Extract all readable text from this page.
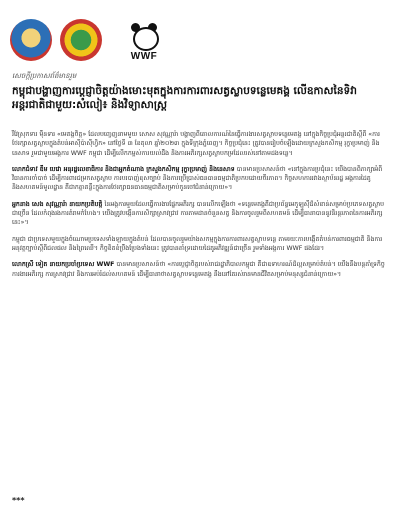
WWF
សេចក្តីប្រកាសព័ត៌មានរួម
កម្ពុជាបង្ហាញការប្តេជ្ញាចិត្តយ៉ាងមោះមុតក្នុងការការពារសត្វស្លាបទន្លេមេគង្គ លើឧកាសនៃទិវាអន្តរជាតិជាមួយ:សំលៀ៖ និងវិទ្យាសាស្ត្រ

រីវែស្រុកទារ ម៉ឺនទារ «មេគង្គចិត្ត» ដែលបញ្ចេញនាមមួយ សោស សុវណ្ណារ៉ា បង្ហាញពីគោលការណ៍នៃធ្វើការងារសត្វស្លាបទន្លេមេគង្គ នៅក្នុងកិច្ចប្រជុំអន្តរជាតិស្តីពី «ការថែរក្សាសត្វស្លាបក្នុងតំបន់អាស៊ីប៉ាស៊ីហ្វិក» នៅថ្ងៃទី ៣ ខែតុលា ឆ្នាំ២០២៣ ក្នុងទីក្រុងភ្នំពេញ។ កិច្ចប្រជុំនេះ ត្រូវបានរៀបចំឡើងដោយក្រសួងកសិកម្ម រុក្ខាប្រមាញ់ និងនេសាទ រួមជាមួយអង្គការ WWF កម្ពុជា ដើម្បីលើកកម្ពស់ការយល់ដឹង និងការអភិរក្សសត្វស្លាបកម្រដែលរស់នៅតាមដងទន្លេ។

លោកជំទាវ ឌឹម បេវោ អនុរដ្ឋលេខាធិការ និងជាអ្នកតំណាង ក្រសួងកសិកម្ម រុក្ខាប្រមាញ់ និងនេសាទ បានមានប្រសាសន៍ថា «នៅក្នុងការប្រជុំនេះ យើងបានពិភាក្សាអំពីវិធានការចាំបាច់ ដើម្បីការពារជម្រកសត្វស្លាប ការបរបាញ់ខុសច្បាប់ និងការប្រើប្រាស់ធនធានធម្មជាតិប្រកបដោយចីរភាព។ កិច្ចសហការរវាងស្ថាប័នរដ្ឋ អង្គការដៃគូ និងសហគមន៍មូលដ្ឋាន គឺជាកត្តាគន្លឹះក្នុងការថែរក្សាធនធានធម្មជាតិសម្រាប់កូនចៅជំនាន់ក្រោយ»។

អ្នកនាង សេង សុវណ្ណារ៉ា នាយកប្រតិបត្តិ នៃអង្គការមួយដែលធ្វើការងារផ្នែកអភិរក្ស បានលើកឡើងថា «ទន្លេមេគង្គគឺជាប្រព័ន្ធអេកូឡូស៊ីដ៏សំខាន់សម្រាប់ប្រភេទសត្វស្លាបជាច្រើន ដែលកំពុងរងការគំរាមកំហែង។ យើងត្រូវបង្កើនការសិក្សាស្រាវជ្រាវ ការតាមដានចំនួនសត្វ និងការចូលរួមពីសហគមន៍ ដើម្បីធានាបាននូវនិរន្តរភាពនៃការអភិរក្សនេះ»។

កម្ពុជា ជាប្រទេសមួយក្នុងចំណោមប្រទេសទាំងឡាយក្នុងតំបន់ ដែលបានចូលរួមយ៉ាងសកម្មក្នុងការការពារសត្វស្លាបទន្លេ តាមរយៈការបង្កើតតំបន់ការពារធម្មជាតិ និងការអនុវត្តច្បាប់ស្តីពីជលផល និងព្រៃឈើ។ កិច្ចខិតខំប្រឹងប្រែងទាំងនេះ ត្រូវបានគាំទ្រដោយដៃគូអភិវឌ្ឍន៍ជាច្រើន រួមទាំងអង្គការ WWF ផងដែរ។

លោកស្រី ទៀត នាយកប្រចាំប្រទេស WWF បានមានប្រសាសន៍ថា «ការប្តេជ្ញាចិត្តរបស់រាជរដ្ឋាភិបាលកម្ពុជា គឺជាឧទាហរណ៍ដ៏ល្អសម្រាប់តំបន់។ យើងនឹងបន្តគាំទ្រកិច្ចការងារអភិរក្ស ការស្រាវជ្រាវ និងការអប់រំដល់សហគមន៍ ដើម្បីធានាថាសត្វស្លាបទន្លេមេគង្គ នឹងនៅតែរស់រានមានជីវិតសម្រាប់មនុស្សជំនាន់ក្រោយ»។

***
